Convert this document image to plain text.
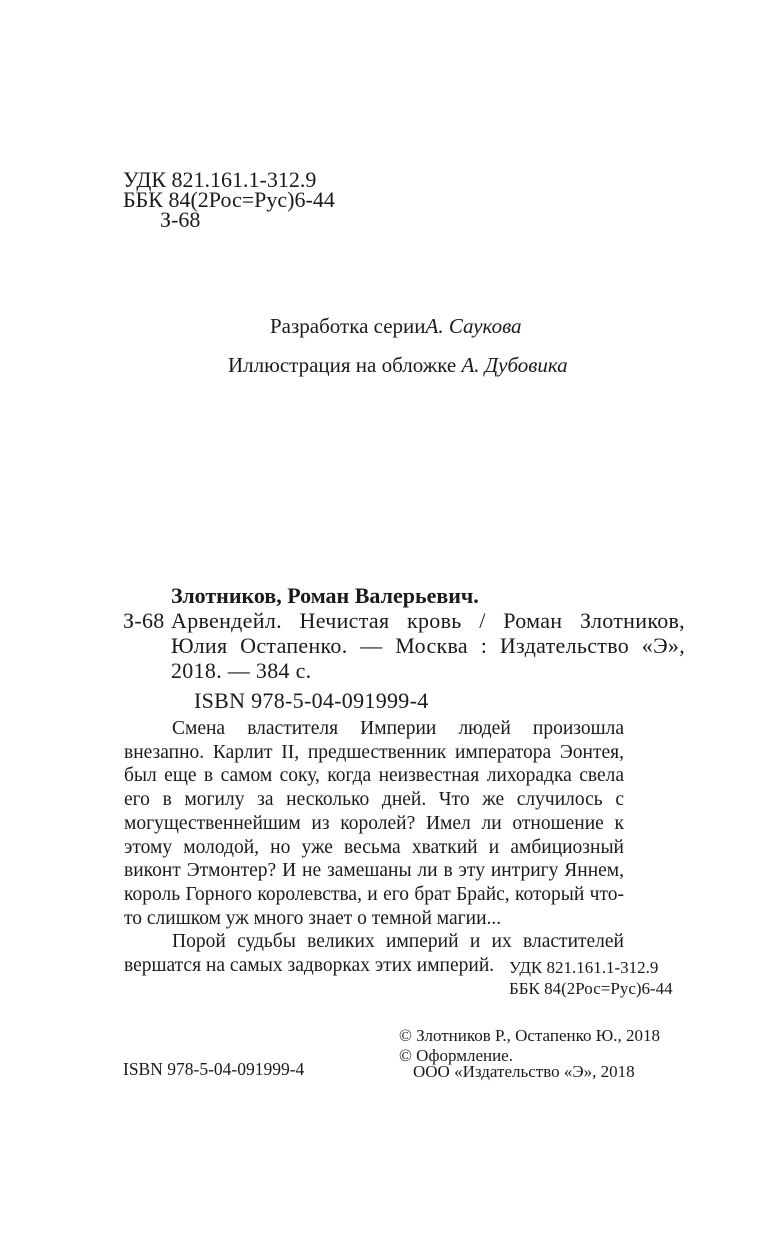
УДК 821.161.1-312.9
ББК 84(2Рос=Рус)6-44
З-68
Разработка серииА. Саукова
Иллюстрация на обложке А. Дубовика
Злотников, Роман Валерьевич.
З-68 Арвендейл. Нечистая кровь / Роман Злотников,
Юлия Остапенко. — Москва : Издательство «Э»,
2018. — 384 с.
ISBN 978-5-04-091999-4

Смена властителя Империи людей произошла внезапно. Карлит II, предшественник императора Эонтея, был еще в самом соку, когда неизвестная лихорадка свела его в могилу за несколько дней. Что же случилось с могущественнейшим из королей? Имел ли отношение к этому молодой, но уже весьма хваткий и амбициозный виконт Этмонтер? И не замешаны ли в эту интригу Яннем, король Горного королевства, и его брат Брайс, который что-то слишком уж много знает о темной магии...

Порой судьбы великих империй и их властителей вершатся на самых задворках этих империй. УДК 821.161.1-312.9
ББК 84(2Рос=Рус)6-44
ISBN 978-5-04-091999-4
© Злотников Р., Остапенко Ю., 2018
© Оформление.
ООО «Издательство «Э», 2018
